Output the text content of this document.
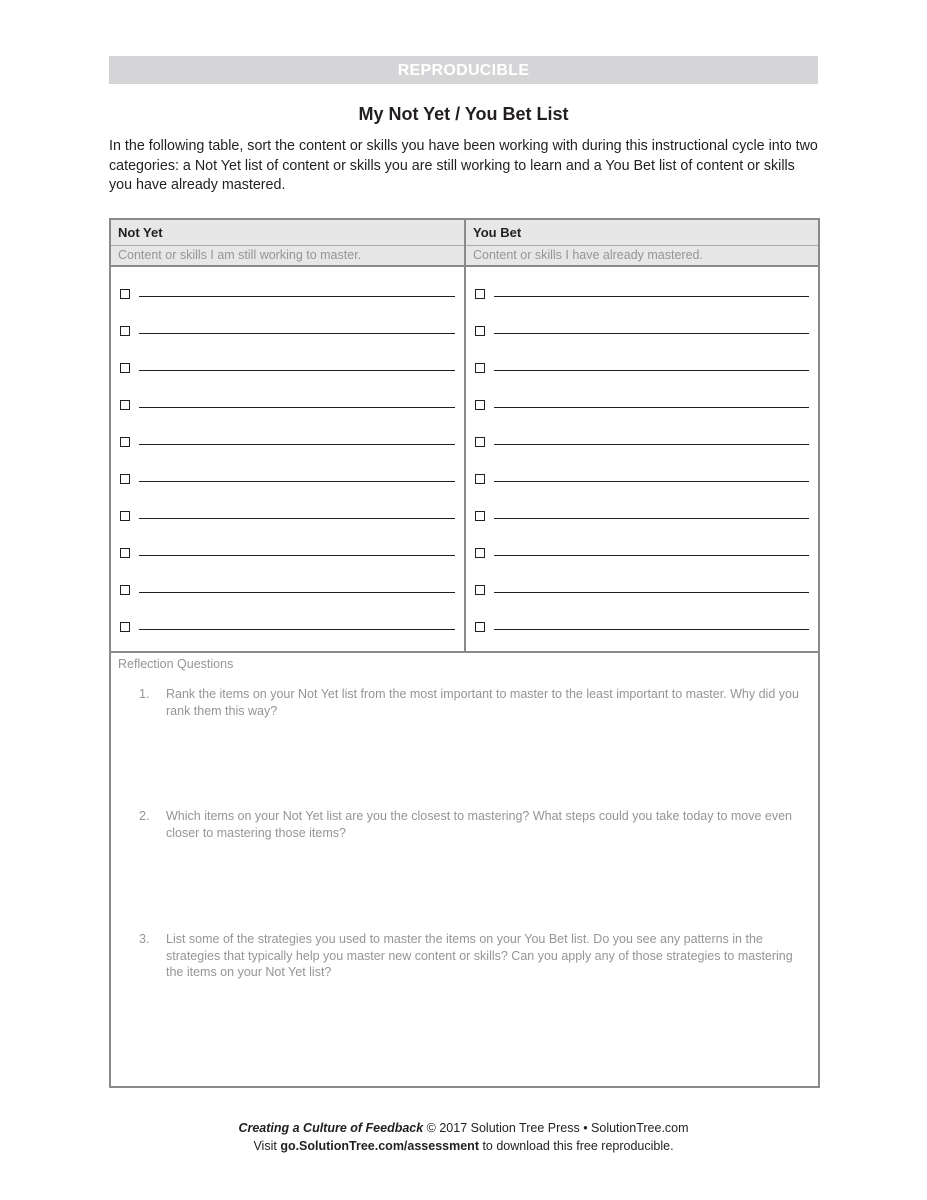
REPRODUCIBLE
My Not Yet / You Bet List
In the following table, sort the content or skills you have been working with during this instructional cycle into two categories: a Not Yet list of content or skills you are still working to learn and a You Bet list of content or skills you have already mastered.
Not Yet
Content or skills I am still working to master.
You Bet
Content or skills I have already mastered.
Reflection Questions
1.	Rank the items on your Not Yet list from the most important to master to the least important to master. Why did you rank them this way?
2.	Which items on your Not Yet list are you the closest to mastering? What steps could you take today to move even closer to mastering those items?
3.	List some of the strategies you used to master the items on your You Bet list. Do you see any patterns in the strategies that typically help you master new content or skills? Can you apply any of those strategies to mastering the items on your Not Yet list?
Creating a Culture of Feedback © 2017 Solution Tree Press • SolutionTree.com
Visit go.SolutionTree.com/assessment to download this free reproducible.
